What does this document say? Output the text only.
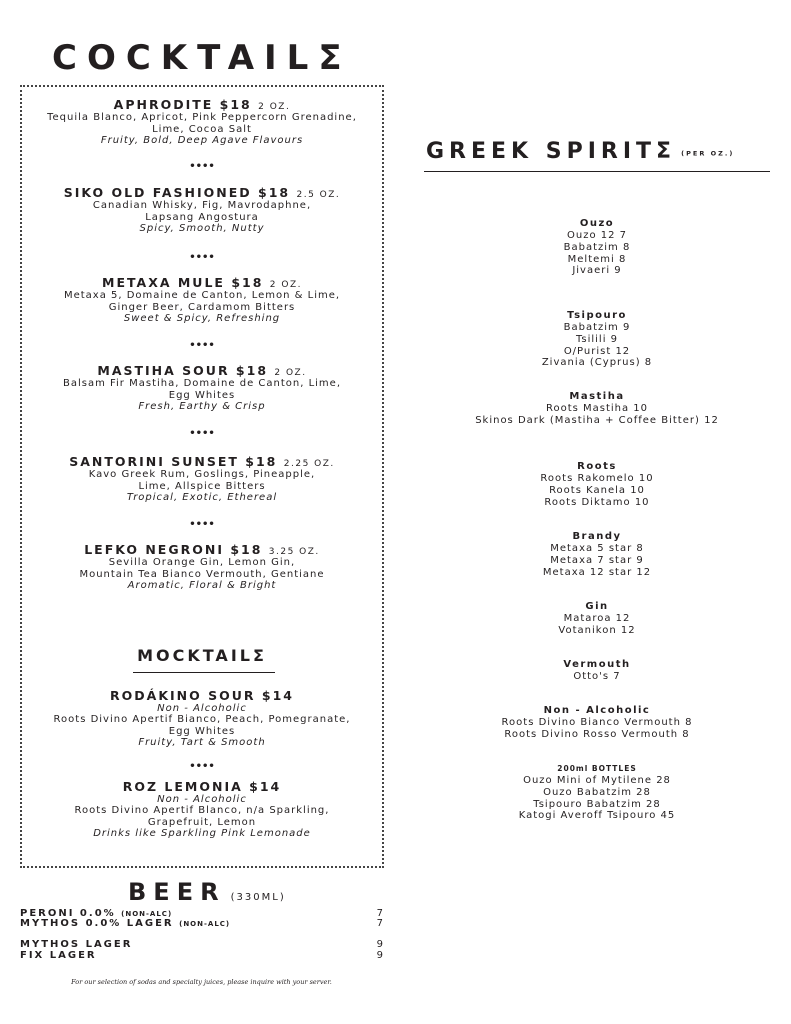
COCKTAILΣ
APHRODITE $18 2 OZ.
Tequila Blanco, Apricot, Pink Peppercorn Grenadine,
Lime, Cocoa Salt
Fruity, Bold, Deep Agave Flavours
••••
SIKO OLD FASHIONED $18 2.5 OZ.
Canadian Whisky, Fig, Mavrodaphne,
Lapsang Angostura
Spicy, Smooth, Nutty
••••
METAXA MULE $18 2 OZ.
Metaxa 5, Domaine de Canton, Lemon & Lime,
Ginger Beer, Cardamom Bitters
Sweet & Spicy, Refreshing
••••
MASTIHA SOUR $18 2 OZ.
Balsam Fir Mastiha, Domaine de Canton, Lime,
Egg Whites
Fresh, Earthy & Crisp
••••
SANTORINI SUNSET $18 2.25 OZ.
Kavo Greek Rum, Goslings, Pineapple,
Lime, Allspice Bitters
Tropical, Exotic, Ethereal
••••
LEFKO NEGRONI $18 3.25 OZ.
Sevilla Orange Gin, Lemon Gin,
Mountain Tea Bianco Vermouth, Gentiane
Aromatic, Floral & Bright
MOCKTAILΣ
RODÁKINO SOUR $14
Non - Alcoholic
Roots Divino Apertif Bianco, Peach, Pomegranate,
Egg Whites
Fruity, Tart & Smooth
••••
ROZ LEMONIA $14
Non - Alcoholic
Roots Divino Apertif Blanco, n/a Sparkling,
Grapefruit, Lemon
Drinks like Sparkling Pink Lemonade
BEER (330ML)
PERONI 0.0% (NON-ALC)	7
MYTHOS 0.0% LAGER (NON-ALC)	7
MYTHOS LAGER	9
FIX LAGER	9
For our selection of sodas and specialty juices, please inquire with your server.
GREEK SPIRITΣ (PER OZ.)
Ouzo
Ouzo 12 7
Babatzim 8
Meltemi 8
Jivaeri 9
Tsipouro
Babatzim 9
Tsilili 9
O/Purist 12
Zivania (Cyprus) 8
Mastiha
Roots Mastiha 10
Skinos Dark (Mastiha + Coffee Bitter) 12
Roots
Roots Rakomelo 10
Roots Kanela 10
Roots Diktamo 10
Brandy
Metaxa 5 star 8
Metaxa 7 star 9
Metaxa 12 star 12
Gin
Mataroa 12
Votanikon 12
Vermouth
Otto's 7
Non - Alcoholic
Roots Divino Bianco Vermouth 8
Roots Divino Rosso Vermouth 8
200ml BOTTLES
Ouzo Mini of Mytilene 28
Ouzo Babatzim 28
Tsipouro Babatzim 28
Katogi Averoff Tsipouro 45
